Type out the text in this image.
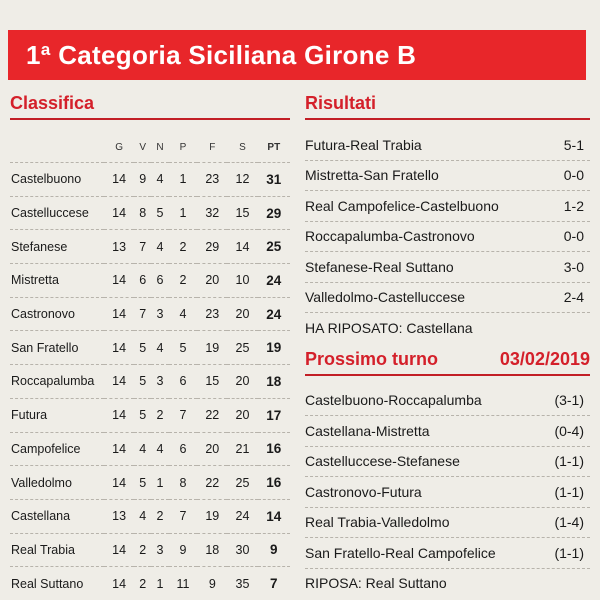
1ª Categoria Siciliana Girone B
Classifica
	G	V	N	P	F	S	PT
Castelbuono	14	9	4	1	23	12	31
Castelluccese	14	8	5	1	32	15	29
Stefanese	13	7	4	2	29	14	25
Mistretta	14	6	6	2	20	10	24
Castronovo	14	7	3	4	23	20	24
San Fratello	14	5	4	5	19	25	19
Roccapalumba	14	5	3	6	15	20	18
Futura	14	5	2	7	22	20	17
Campofelice	14	4	4	6	20	21	16
Valledolmo	14	5	1	8	22	25	16
Castellana	13	4	2	7	19	24	14
Real Trabia	14	2	3	9	18	30	9
Real Suttano	14	2	1	11	9	35	7
Risultati
Futura-Real Trabia	5-1
Mistretta-San Fratello	0-0
Real Campofelice-Castelbuono	1-2
Roccapalumba-Castronovo	0-0
Stefanese-Real Suttano	3-0
Valledolmo-Castelluccese	2-4
HA RIPOSATO: Castellana
Prossimo turno	03/02/2019
Castelbuono-Roccapalumba	(3-1)
Castellana-Mistretta	(0-4)
Castelluccese-Stefanese	(1-1)
Castronovo-Futura	(1-1)
Real Trabia-Valledolmo	(1-4)
San Fratello-Real Campofelice	(1-1)
RIPOSA: Real Suttano
